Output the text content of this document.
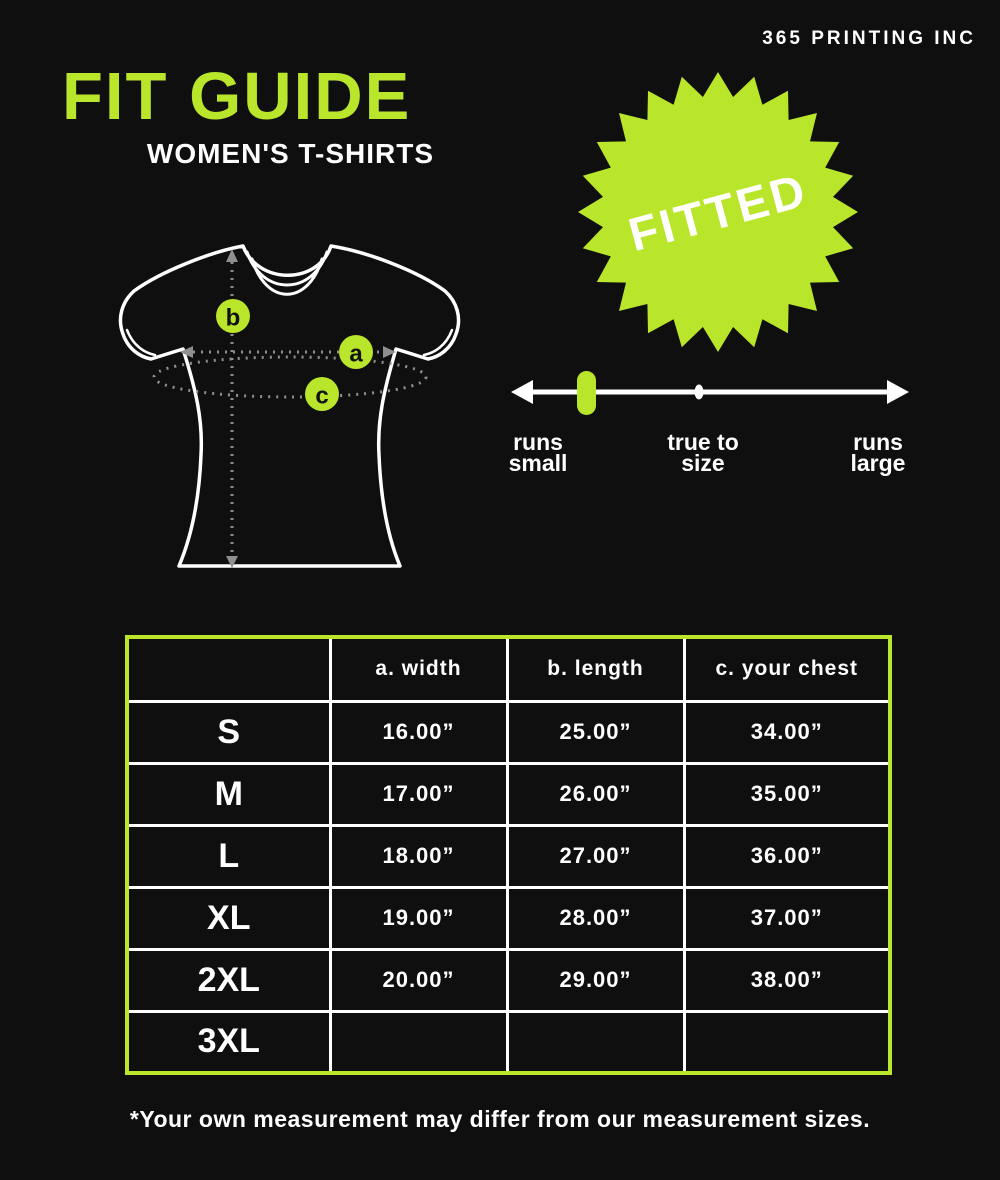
365 PRINTING INC
FIT GUIDE
WOMEN'S T-SHIRTS
b
a
c
FITTED
runs
small
true to
size
runs
large
	a. width	b. length	c. your chest
S	16.00”	25.00”	34.00”
M	17.00”	26.00”	35.00”
L	18.00”	27.00”	36.00”
XL	19.00”	28.00”	37.00”
2XL	20.00”	29.00”	38.00”
3XL			
*Your own measurement may differ from our measurement sizes.
